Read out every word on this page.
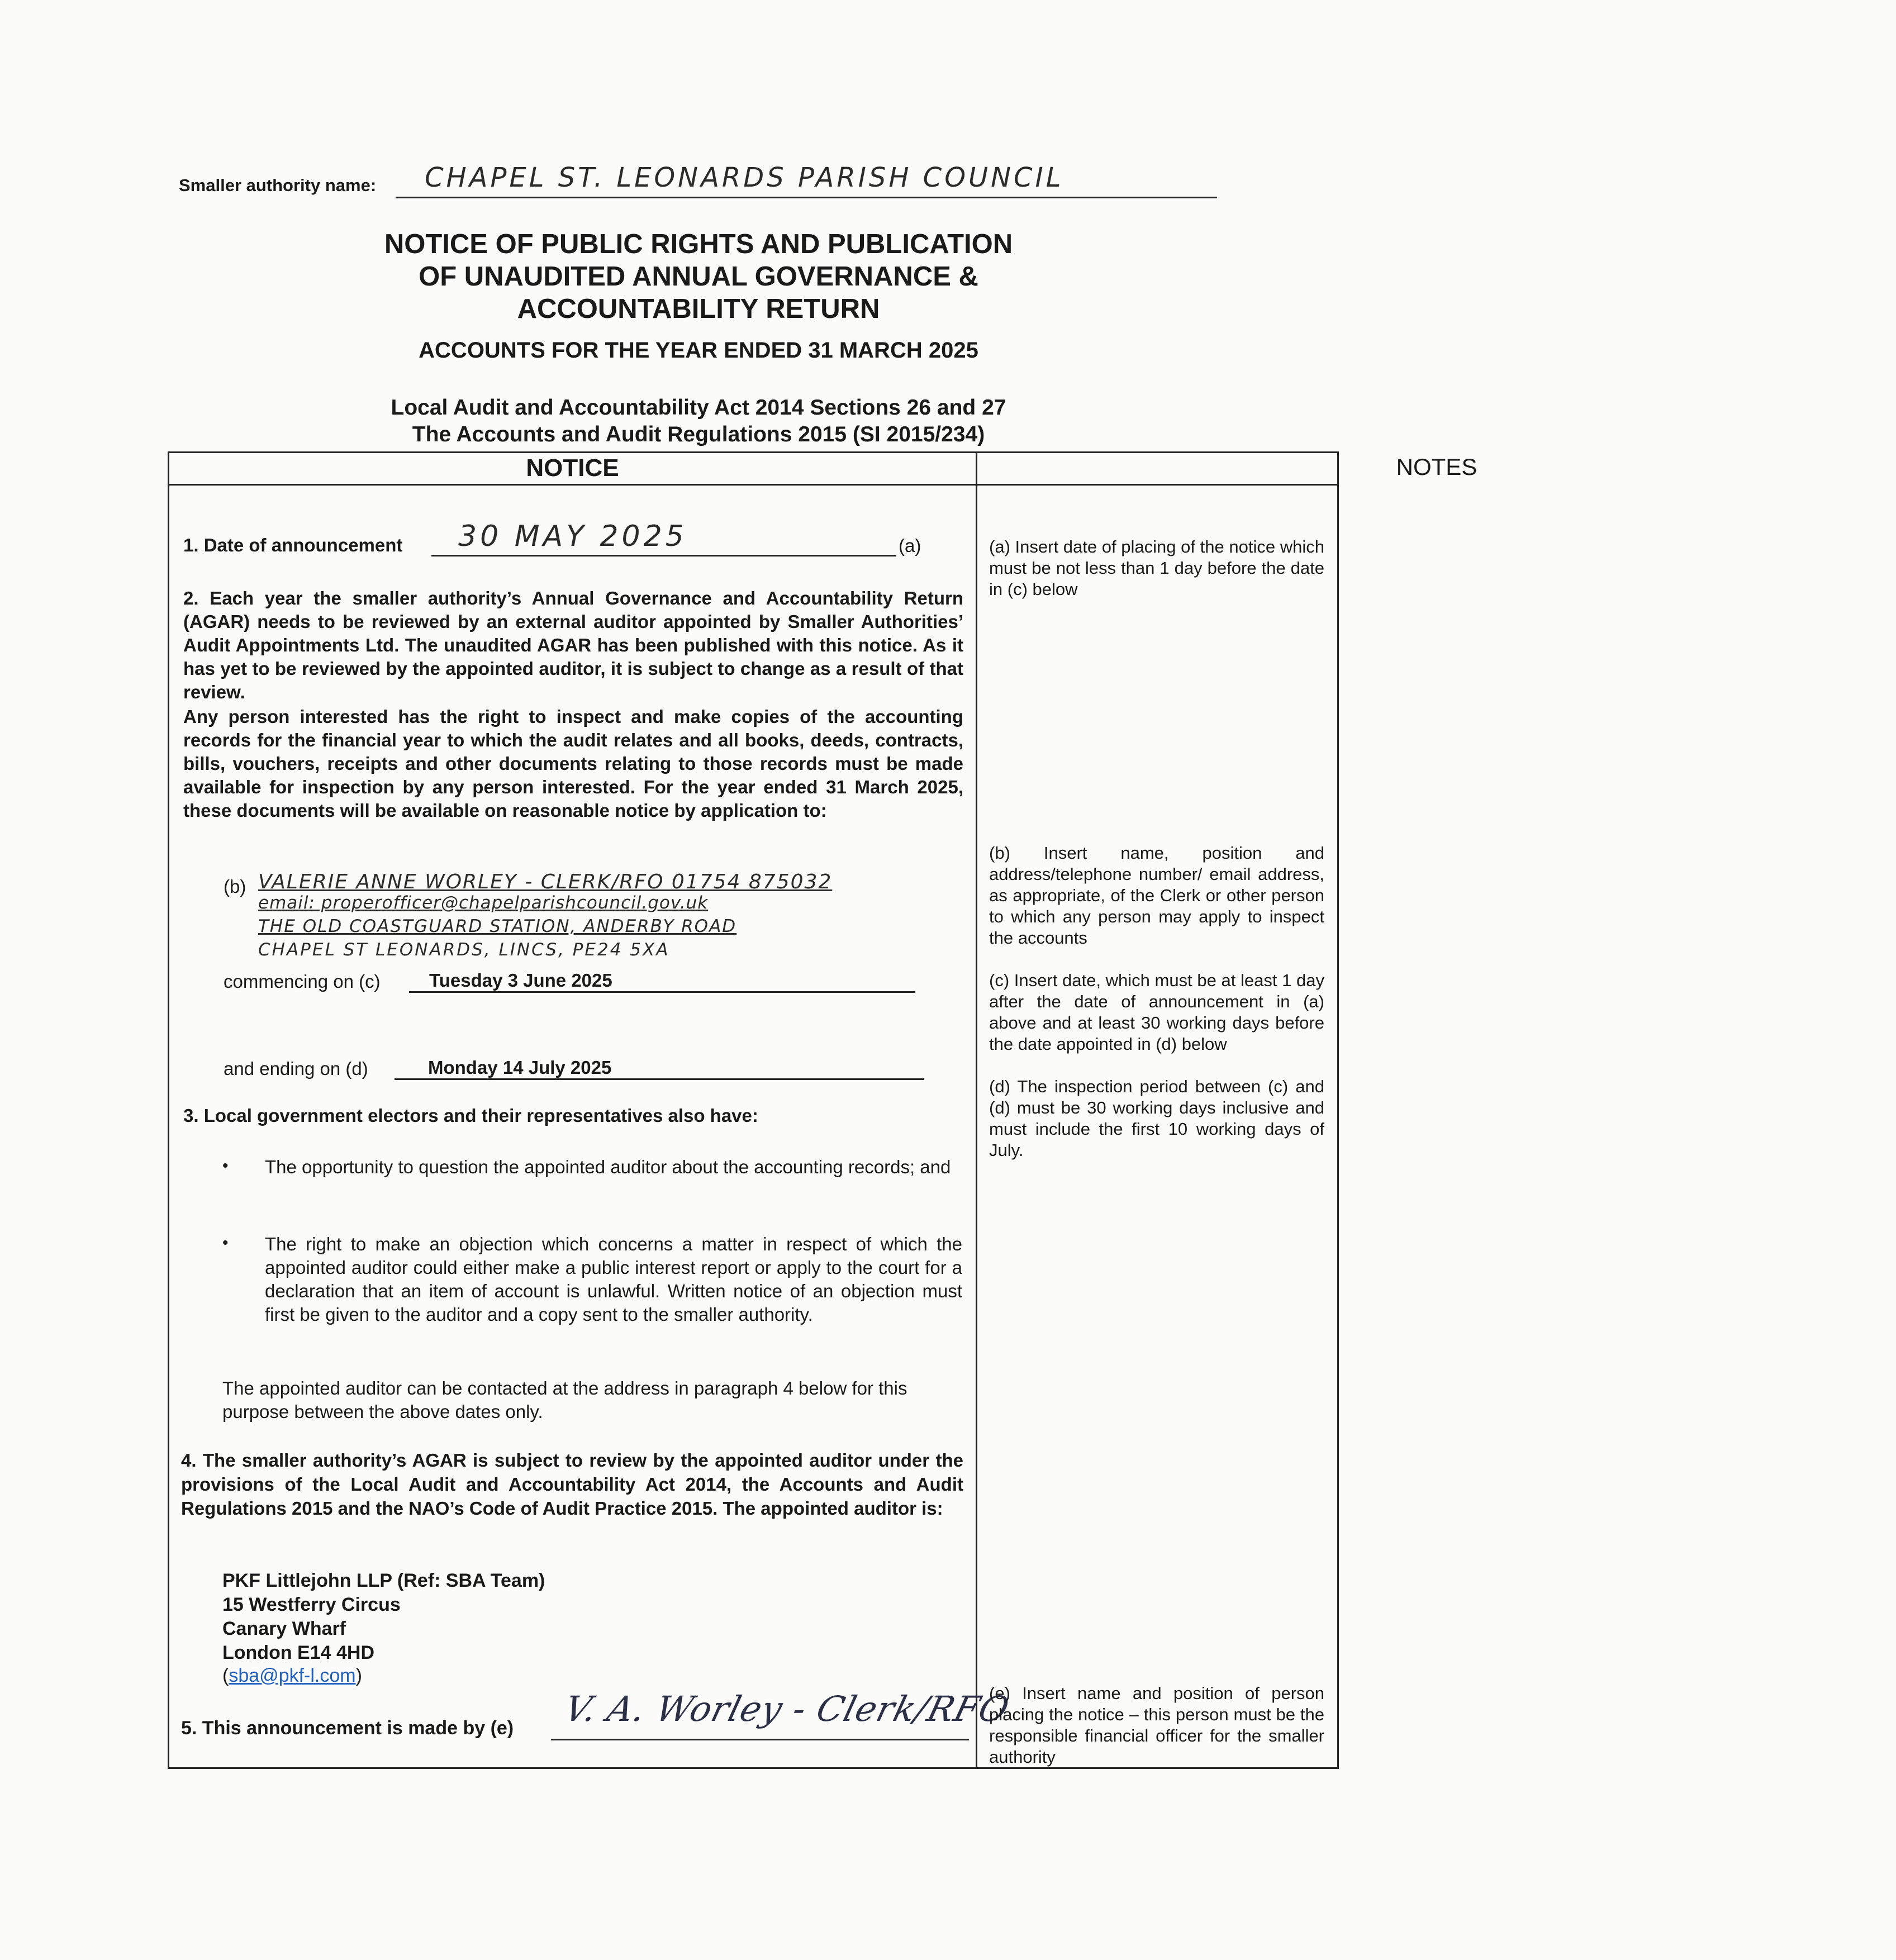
Smaller authority name: CHAPEL ST. LEONARDS PARISH COUNCIL
NOTICE OF PUBLIC RIGHTS AND PUBLICATION
OF UNAUDITED ANNUAL GOVERNANCE &
ACCOUNTABILITY RETURN
ACCOUNTS FOR THE YEAR ENDED 31 MARCH 2025
Local Audit and Accountability Act 2014 Sections 26 and 27
The Accounts and Audit Regulations 2015 (SI 2015/234)
NOTICE	NOTES
1. Date of announcement 30 MAY 2025	(a)
2. Each year the smaller authority’s Annual Governance and Accountability Return (AGAR) needs to be reviewed by an external auditor appointed by Smaller Authorities’ Audit Appointments Ltd. The unaudited AGAR has been published with this notice. As it has yet to be reviewed by the appointed auditor, it is subject to change as a result of that review.
Any person interested has the right to inspect and make copies of the accounting records for the financial year to which the audit relates and all books, deeds, contracts, bills, vouchers, receipts and other documents relating to those records must be made available for inspection by any person interested. For the year ended 31 March 2025, these documents will be available on reasonable notice by application to:
(b) VALERIE ANNE WORLEY - CLERK/RFO 01754 875032
email: properofficer@chapelparishcouncil.gov.uk
THE OLD COASTGUARD STATION, ANDERBY ROAD
CHAPEL ST LEONARDS, LINCS, PE24 5XA
commencing on (c)	Tuesday 3 June 2025
and ending on (d)	Monday 14 July 2025
3. Local government electors and their representatives also have:
• The opportunity to question the appointed auditor about the accounting records; and
• The right to make an objection which concerns a matter in respect of which the appointed auditor could either make a public interest report or apply to the court for a declaration that an item of account is unlawful. Written notice of an objection must first be given to the auditor and a copy sent to the smaller authority.
The appointed auditor can be contacted at the address in paragraph 4 below for this purpose between the above dates only.
4. The smaller authority’s AGAR is subject to review by the appointed auditor under the provisions of the Local Audit and Accountability Act 2014, the Accounts and Audit Regulations 2015 and the NAO’s Code of Audit Practice 2015. The appointed auditor is:
PKF Littlejohn LLP (Ref: SBA Team)
15 Westferry Circus
Canary Wharf
London E14 4HD
(sba@pkf-l.com)
5. This announcement is made by (e) V. A. Worley - Clerk/RFO
(a) Insert date of placing of the notice which must be not less than 1 day before the date in (c) below
(b) Insert name, position and address/telephone number/ email address, as appropriate, of the Clerk or other person to which any person may apply to inspect the accounts
(c) Insert date, which must be at least 1 day after the date of announcement in (a) above and at least 30 working days before the date appointed in (d) below
(d) The inspection period between (c) and (d) must be 30 working days inclusive and must include the first 10 working days of July.
(e) Insert name and position of person placing the notice – this person must be the responsible financial officer for the smaller authority
